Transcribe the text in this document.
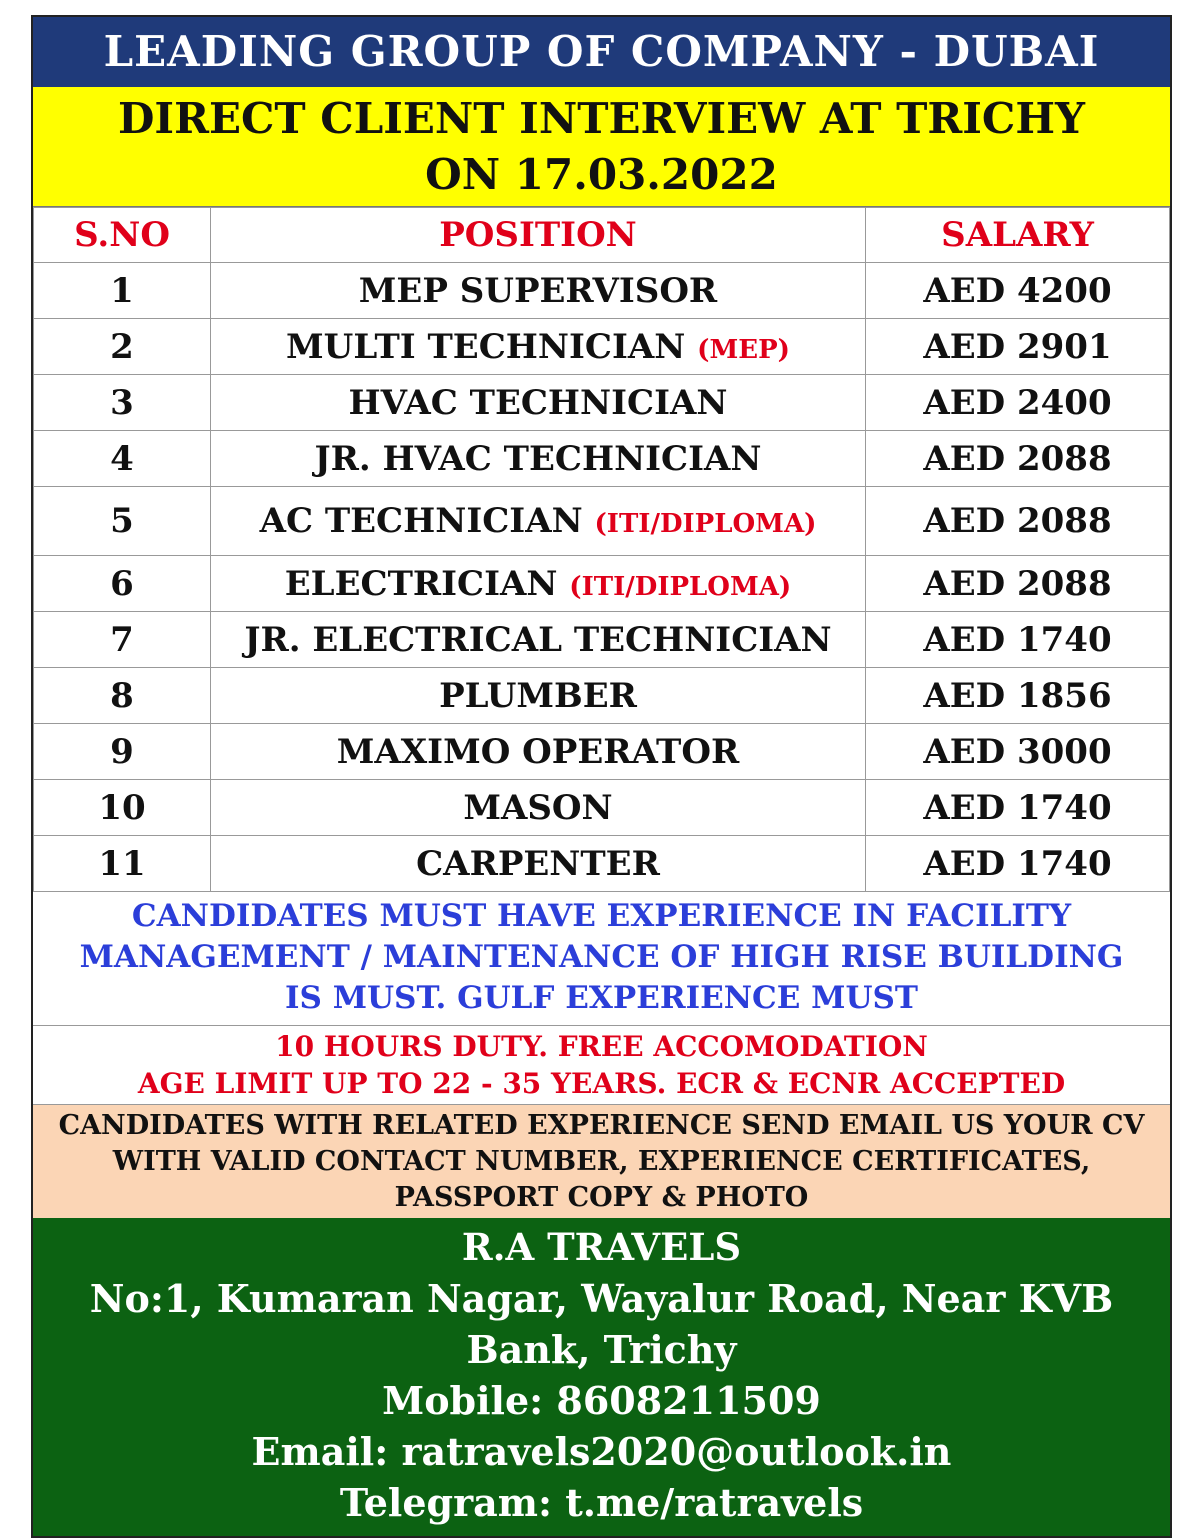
LEADING GROUP OF COMPANY - DUBAI
DIRECT CLIENT INTERVIEW AT TRICHY
ON 17.03.2022
S.NO	POSITION	SALARY
1	MEP SUPERVISOR	AED 4200
2	MULTI TECHNICIAN (MEP)	AED 2901
3	HVAC TECHNICIAN	AED 2400
4	JR. HVAC TECHNICIAN	AED 2088
5	AC TECHNICIAN (ITI/DIPLOMA)	AED 2088
6	ELECTRICIAN (ITI/DIPLOMA)	AED 2088
7	JR. ELECTRICAL TECHNICIAN	AED 1740
8	PLUMBER	AED 1856
9	MAXIMO OPERATOR	AED 3000
10	MASON	AED 1740
11	CARPENTER	AED 1740
CANDIDATES MUST HAVE EXPERIENCE IN FACILITY
MANAGEMENT / MAINTENANCE OF HIGH RISE BUILDING
IS MUST. GULF EXPERIENCE MUST
10 HOURS DUTY. FREE ACCOMODATION
AGE LIMIT UP TO 22 - 35 YEARS. ECR & ECNR ACCEPTED
CANDIDATES WITH RELATED EXPERIENCE SEND EMAIL US YOUR CV
WITH VALID CONTACT NUMBER, EXPERIENCE CERTIFICATES,
PASSPORT COPY & PHOTO
R.A TRAVELS
No:1, Kumaran Nagar, Wayalur Road, Near KVB
Bank, Trichy
Mobile: 8608211509
Email: ratravels2020@outlook.in
Telegram: t.me/ratravels
